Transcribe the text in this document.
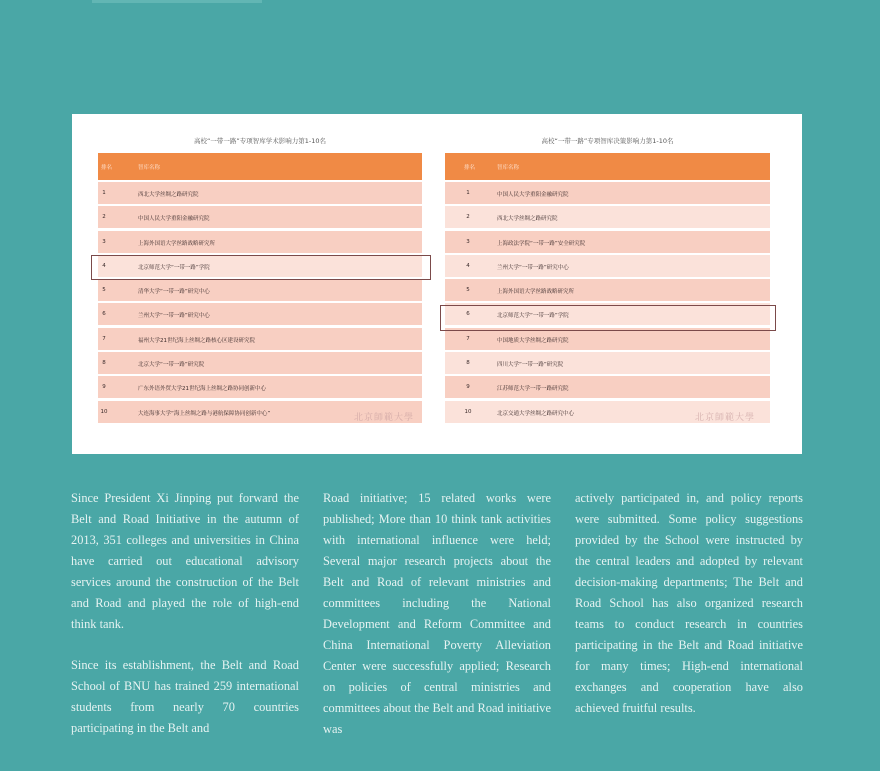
高校“一带一路”专项智库学术影响力第1-10名
排名	智库名称
1	西北大学丝绸之路研究院
2	中国人民大学重阳金融研究院
3	上海外国语大学丝路战略研究所
4	北京师范大学“一带一路”学院
5	清华大学“一带一路”研究中心
6	兰州大学“一带一路”研究中心
7	福州大学21世纪海上丝绸之路核心区建设研究院
8	北京大学“一带一路”研究院
9	广东外语外贸大学21世纪海上丝绸之路协同创新中心
10	大连海事大学“海上丝绸之路与港航保障协同创新中心”	北京師範大學
高校“一带一路”专项智库决策影响力第1-10名
排名	智库名称
1	中国人民大学重阳金融研究院
2	西北大学丝绸之路研究院
3	上海政法学院“一带一路”安全研究院
4	兰州大学“一带一路”研究中心
5	上海外国语大学丝路战略研究所
6	北京师范大学“一带一路”学院
7	中国地质大学丝绸之路研究院
8	四川大学“一带一路”研究院
9	江苏师范大学一带一路研究院
10	北京交通大学丝绸之路研究中心	北京師範大學

Since President Xi Jinping put forward the Belt and Road Initiative in the autumn of 2013, 351 colleges and universities in China have carried out educational advisory services around the construction of the Belt and Road and played the role of high-end think tank.

Since its establishment, the Belt and Road School of BNU has trained 259 international students from nearly 70 countries participating in the Belt and

Road initiative; 15 related works were published; More than 10 think tank activities with international influence were held; Several major research projects about the Belt and Road of relevant ministries and committees including the National Development and Reform Committee and China International Poverty Alleviation Center were successfully applied; Research on policies of central ministries and committees about the Belt and Road initiative was

actively participated in, and policy reports were submitted. Some policy suggestions provided by the School were instructed by the central leaders and adopted by relevant decision-making departments; The Belt and Road School has also organized research teams to conduct research in countries participating in the Belt and Road initiative for many times; High-end international exchanges and cooperation have also achieved fruitful results.
